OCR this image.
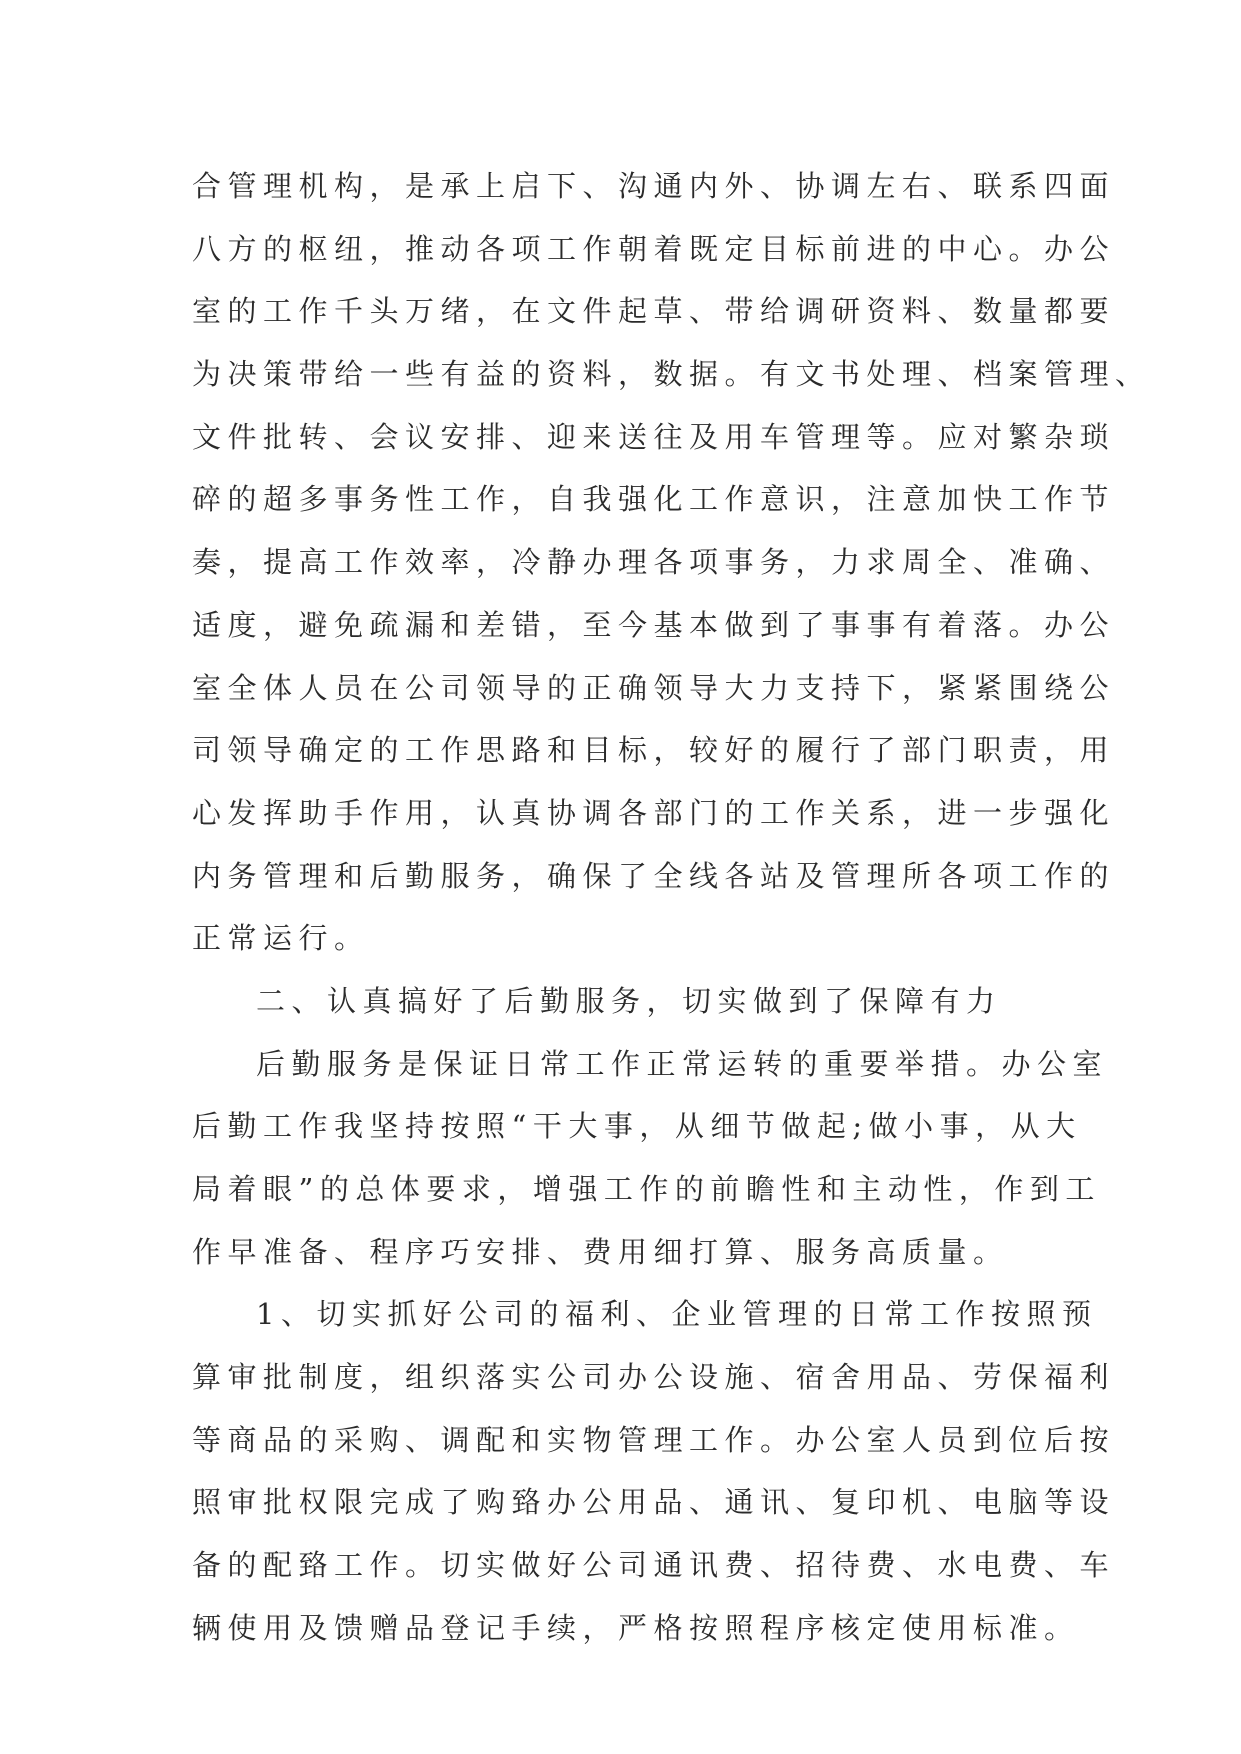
合管理机构，是承上启下、沟通内外、协调左右、联系四面
八方的枢纽，推动各项工作朝着既定目标前进的中心。办公
室的工作千头万绪，在文件起草、带给调研资料、数量都要
为决策带给一些有益的资料，数据。有文书处理、档案管理、
文件批转、会议安排、迎来送往及用车管理等。应对繁杂琐
碎的超多事务性工作，自我强化工作意识，注意加快工作节
奏，提高工作效率，冷静办理各项事务，力求周全、准确、
适度，避免疏漏和差错，至今基本做到了事事有着落。办公
室全体人员在公司领导的正确领导大力支持下，紧紧围绕公
司领导确定的工作思路和目标，较好的履行了部门职责，用
心发挥助手作用，认真协调各部门的工作关系，进一步强化
内务管理和后勤服务，确保了全线各站及管理所各项工作的
正常运行。
二、认真搞好了后勤服务，切实做到了保障有力
后勤服务是保证日常工作正常运转的重要举措。办公室
后勤工作我坚持按照“干大事，从细节做起;做小事，从大
局着眼”的总体要求，增强工作的前瞻性和主动性，作到工
作早准备、程序巧安排、费用细打算、服务高质量。
1、切实抓好公司的福利、企业管理的日常工作按照预
算审批制度，组织落实公司办公设施、宿舍用品、劳保福利
等商品的采购、调配和实物管理工作。办公室人员到位后按
照审批权限完成了购臵办公用品、通讯、复印机、电脑等设
备的配臵工作。切实做好公司通讯费、招待费、水电费、车
辆使用及馈赠品登记手续，严格按照程序核定使用标准。
